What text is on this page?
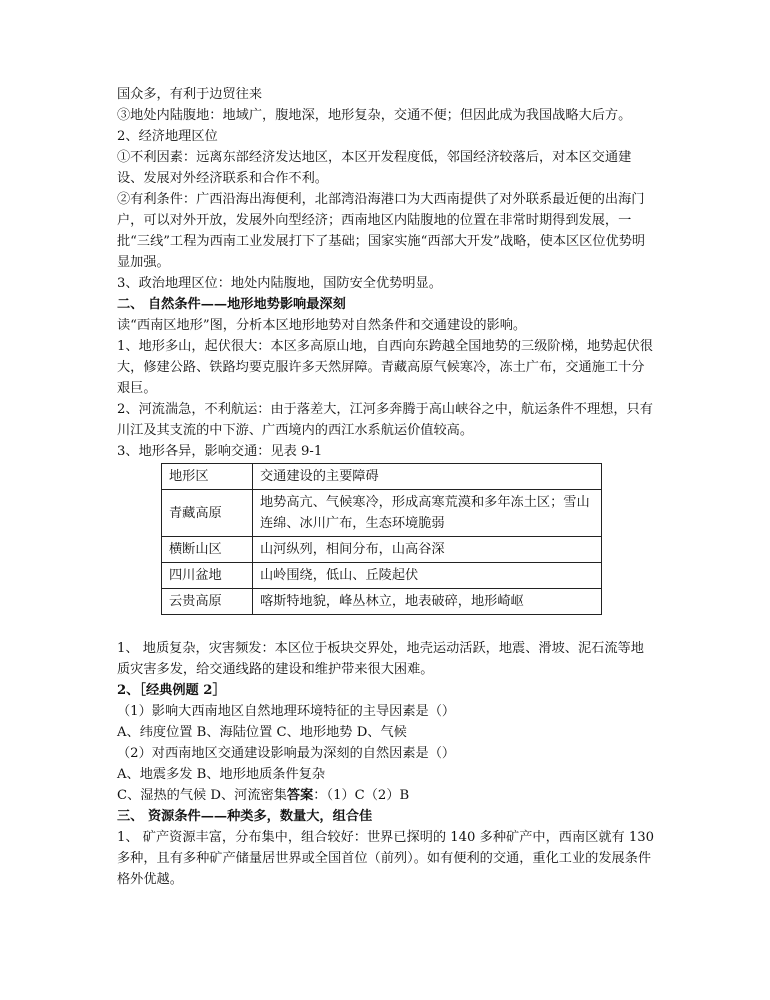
国众多，有利于边贸往来

③地处内陆腹地：地域广，腹地深，地形复杂，交通不便；但因此成为我国战略大后方。

2、经济地理区位

①不利因素：远离东部经济发达地区，本区开发程度低，邻国经济较落后，对本区交通建设、发展对外经济联系和合作不利。

②有利条件：广西沿海出海便利，北部湾沿海港口为大西南提供了对外联系最近便的出海门户，可以对外开放，发展外向型经济；西南地区内陆腹地的位置在非常时期得到发展，一批“三线”工程为西南工业发展打下了基础；国家实施“西部大开发”战略，使本区区位优势明显加强。

3、政治地理区位：地处内陆腹地，国防安全优势明显。

二、 自然条件——地形地势影响最深刻

读“西南区地形”图，分析本区地形地势对自然条件和交通建设的影响。

1、地形多山，起伏很大：本区多高原山地，自西向东跨越全国地势的三级阶梯，地势起伏很大，修建公路、铁路均要克服许多天然屏障。青藏高原气候寒冷，冻土广布，交通施工十分艰巨。

2、河流湍急，不利航运：由于落差大，江河多奔腾于高山峡谷之中，航运条件不理想，只有川江及其支流的中下游、广西境内的西江水系航运价值较高。

3、地形各异，影响交通：见表 9-1

地形区	交通建设的主要障碍
青藏高原	地势高亢、气候寒冷，形成高寒荒漠和多年冻土区；雪山连绵、冰川广布，生态环境脆弱
横断山区	山河纵列，相间分布，山高谷深
四川盆地	山岭围绕，低山、丘陵起伏
云贵高原	喀斯特地貌，峰丛林立，地表破碎，地形崎岖

1、 地质复杂，灾害频发：本区位于板块交界处，地壳运动活跃，地震、滑坡、泥石流等地质灾害多发，给交通线路的建设和维护带来很大困难。

2、［经典例题 2］

（1）影响大西南地区自然地理环境特征的主导因素是（）

A、纬度位置 B、海陆位置 C、地形地势 D、气候

（2）对西南地区交通建设影响最为深刻的自然因素是（）

A、地震多发 B、地形地质条件复杂

C、湿热的气候 D、河流密集答案：（1）C（2）B

三、 资源条件——种类多，数量大，组合佳

1、 矿产资源丰富，分布集中，组合较好：世界已探明的 140 多种矿产中，西南区就有 130 多种，且有多种矿产储量居世界或全国首位（前列）。如有便利的交通，重化工业的发展条件格外优越。
